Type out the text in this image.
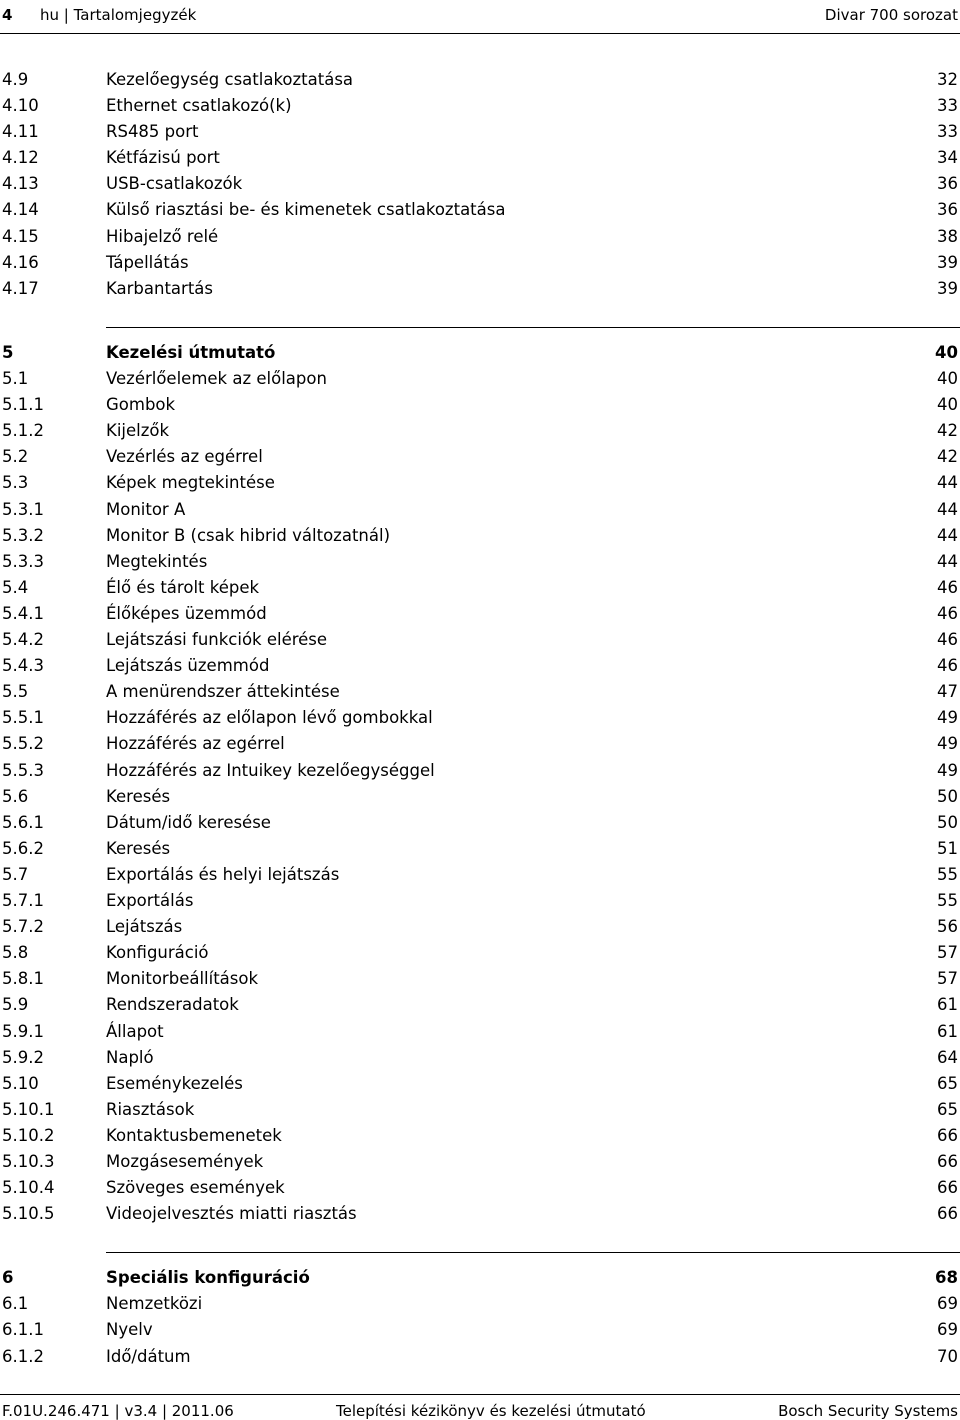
4 hu | Tartalomjegyzék	Divar 700 sorozat
4.9	Kezelőegység csatlakoztatása	32
4.10	Ethernet csatlakozó(k)	33
4.11	RS485 port	33
4.12	Kétfázisú port	34
4.13	USB-csatlakozók	36
4.14	Külső riasztási be- és kimenetek csatlakoztatása	36
4.15	Hibajelző relé	38
4.16	Tápellátás	39
4.17	Karbantartás	39
5	Kezelési útmutató	40
5.1	Vezérlőelemek az előlapon	40
5.1.1	Gombok	40
5.1.2	Kijelzők	42
5.2	Vezérlés az egérrel	42
5.3	Képek megtekintése	44
5.3.1	Monitor A	44
5.3.2	Monitor B (csak hibrid változatnál)	44
5.3.3	Megtekintés	44
5.4	Élő és tárolt képek	46
5.4.1	Élőképes üzemmód	46
5.4.2	Lejátszási funkciók elérése	46
5.4.3	Lejátszás üzemmód	46
5.5	A menürendszer áttekintése	47
5.5.1	Hozzáférés az előlapon lévő gombokkal	49
5.5.2	Hozzáférés az egérrel	49
5.5.3	Hozzáférés az Intuikey kezelőegységgel	49
5.6	Keresés	50
5.6.1	Dátum/idő keresése	50
5.6.2	Keresés	51
5.7	Exportálás és helyi lejátszás	55
5.7.1	Exportálás	55
5.7.2	Lejátszás	56
5.8	Konfiguráció	57
5.8.1	Monitorbeállítások	57
5.9	Rendszeradatok	61
5.9.1	Állapot	61
5.9.2	Napló	64
5.10	Eseménykezelés	65
5.10.1	Riasztások	65
5.10.2	Kontaktusbemenetek	66
5.10.3	Mozgásesemények	66
5.10.4	Szöveges események	66
5.10.5	Videojelvesztés miatti riasztás	66
6	Speciális konfiguráció	68
6.1	Nemzetközi	69
6.1.1	Nyelv	69
6.1.2	Idő/dátum	70
F.01U.246.471 | v3.4 | 2011.06	Telepítési kézikönyv és kezelési útmutató	Bosch Security Systems
